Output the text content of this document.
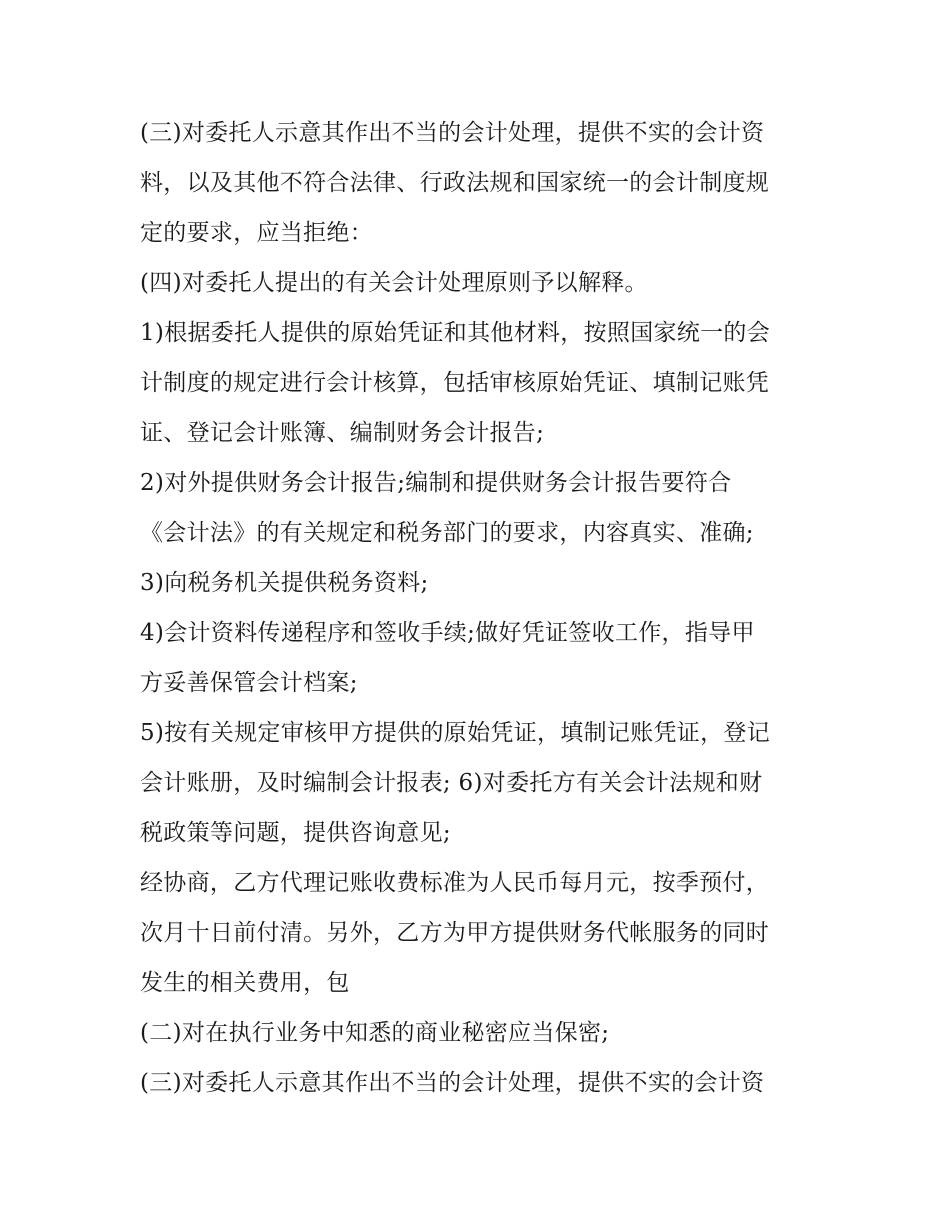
(三)对委托人示意其作出不当的会计处理，提供不实的会计资
料，以及其他不符合法律、行政法规和国家统一的会计制度规
定的要求，应当拒绝：
(四)对委托人提出的有关会计处理原则予以解释。
1)根据委托人提供的原始凭证和其他材料，按照国家统一的会
计制度的规定进行会计核算，包括审核原始凭证、填制记账凭
证、登记会计账簿、编制财务会计报告;
2)对外提供财务会计报告;编制和提供财务会计报告要符合
《会计法》的有关规定和税务部门的要求，内容真实、准确;
3)向税务机关提供税务资料;
4)会计资料传递程序和签收手续;做好凭证签收工作，指导甲
方妥善保管会计档案;
5)按有关规定审核甲方提供的原始凭证，填制记账凭证，登记
会计账册，及时编制会计报表; 6)对委托方有关会计法规和财
税政策等问题，提供咨询意见;
经协商，乙方代理记账收费标准为人民币每月元，按季预付，
次月十日前付清。另外，乙方为甲方提供财务代帐服务的同时
发生的相关费用，包
(二)对在执行业务中知悉的商业秘密应当保密;
(三)对委托人示意其作出不当的会计处理，提供不实的会计资
